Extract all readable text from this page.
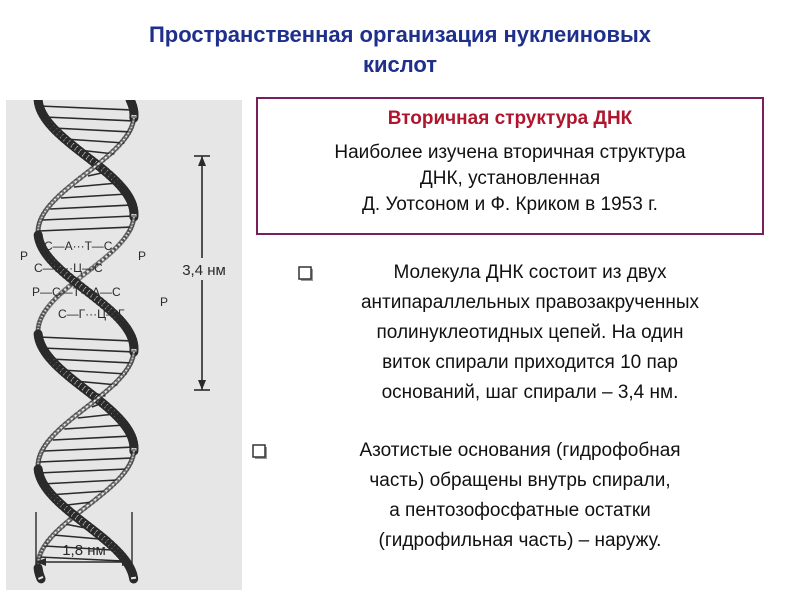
Пространственная организация нуклеиновых
кислот
3,4 нм
1,8 нм
С—А···Т—С
С—Г···Ц—С
Р—С—Т···А—С
С—Г···Ц—Г
Р	Р
Р
Вторичная структура ДНК
Наиболее изучена вторичная структура
ДНК, установленная
Д. Уотсоном и Ф. Криком в 1953 г.
Молекула ДНК состоит из двух
антипараллельных правозакрученных
полинуклеотидных цепей. На один
виток спирали приходится 10 пар
оснований, шаг спирали – 3,4 нм.
Азотистые основания (гидрофобная
часть) обращены внутрь спирали,
а пентозофосфатные остатки
(гидрофильная часть) – наружу.
